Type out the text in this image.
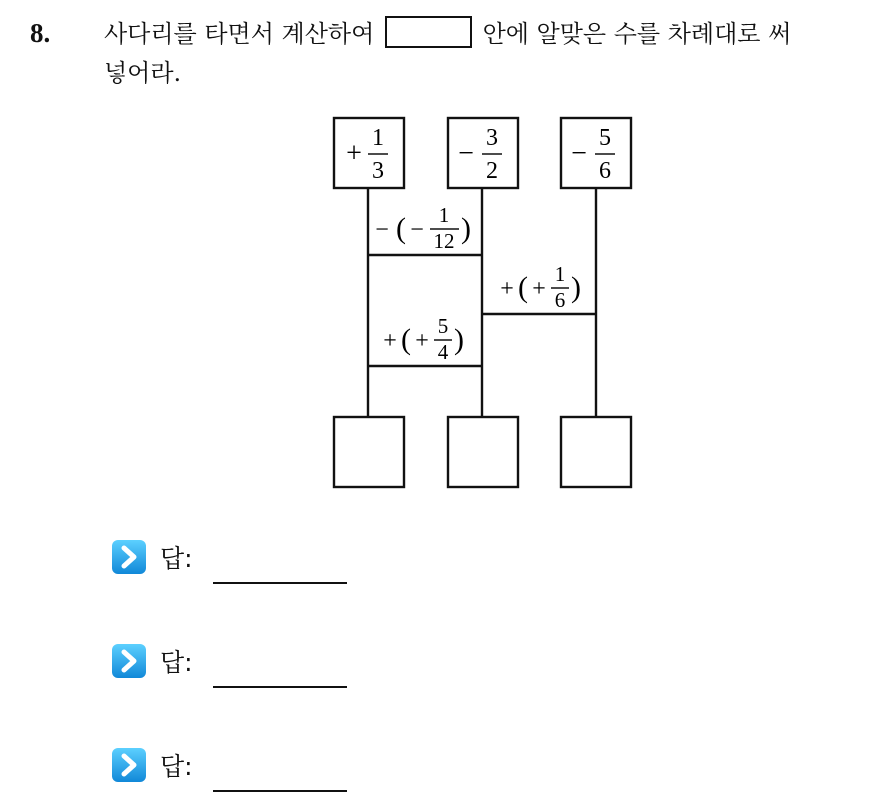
8. 사다리를 타면서 계산하여	안에 알맞은 수를 차례대로 써
넣어라.
+ 1
3
− 3
2
− 5
6
− ( −
1
12 )
+ ( +
1
6 )
+ ( +
5
4 )
답:
답:
답:
